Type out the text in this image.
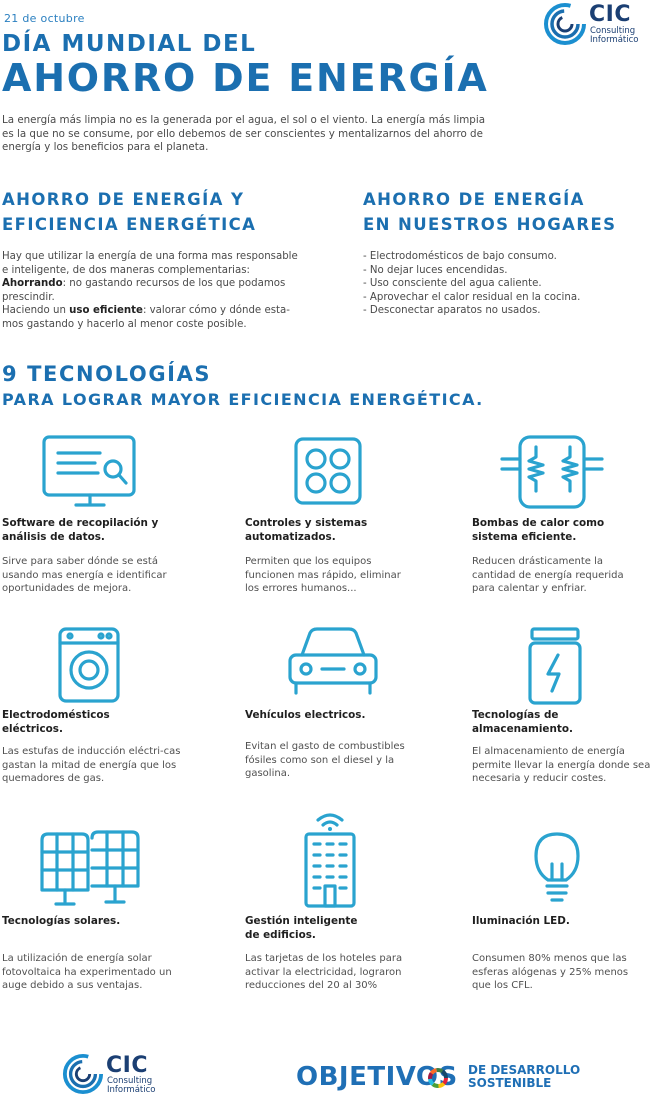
21 de octubre
DÍA MUNDIAL DEL
AHORRO DE ENERGÍA
La energía más limpia no es la generada por el agua, el sol o el viento. La energía más limpia es la que no se consume, por ello debemos de ser conscientes y mentalizarnos del ahorro de energía y los beneficios para el planeta.
CIC
Consulting
Informático
AHORRO DE ENERGÍA Y
EFICIENCIA ENERGÉTICA
Hay que utilizar la energía de una forma mas responsable e inteligente, de dos maneras complementarias:
Ahorrando: no gastando recursos de los que podamos prescindir.
Haciendo un uso eficiente: valorar cómo y dónde esta-mos gastando y hacerlo al menor coste posible.
AHORRO DE ENERGÍA
EN NUESTROS HOGARES
- Electrodomésticos de bajo consumo.
- No dejar luces encendidas.
- Uso consciente del agua caliente.
- Aprovechar el calor residual en la cocina.
- Desconectar aparatos no usados.
9 TECNOLOGÍAS
PARA LOGRAR MAYOR EFICIENCIA ENERGÉTICA.
Software de recopilación y análisis de datos.
Sirve para saber dónde se está usando mas energía e identificar oportunidades de mejora.
Controles y sistemas automatizados.
Permiten que los equipos funcionen mas rápido, eliminar los errores humanos...
Bombas de calor como sistema eficiente.
Reducen drásticamente la cantidad de energía requerida para calentar y enfriar.
Electrodomésticos eléctricos.
Las estufas de inducción eléctri-cas gastan la mitad de energía que los quemadores de gas.
Vehículos electricos.
Evitan el gasto de combustibles fósiles como son el diesel y la gasolina.
Tecnologías de almacenamiento.
El almacenamiento de energía permite llevar la energía donde sea necesaria y reducir costes.
Tecnologías solares.
La utilización de energía solar fotovoltaica ha experimentado un auge debido a sus ventajas.
Gestión inteligente de edificios.
Las tarjetas de los hoteles para activar la electricidad, lograron reducciones del 20 al 30%
Iluminación LED.
Consumen 80% menos que las esferas alógenas y 25% menos que los CFL.
CIC
Consulting
Informático	OBJETIVOS DE DESARROLLO
SOSTENIBLE
